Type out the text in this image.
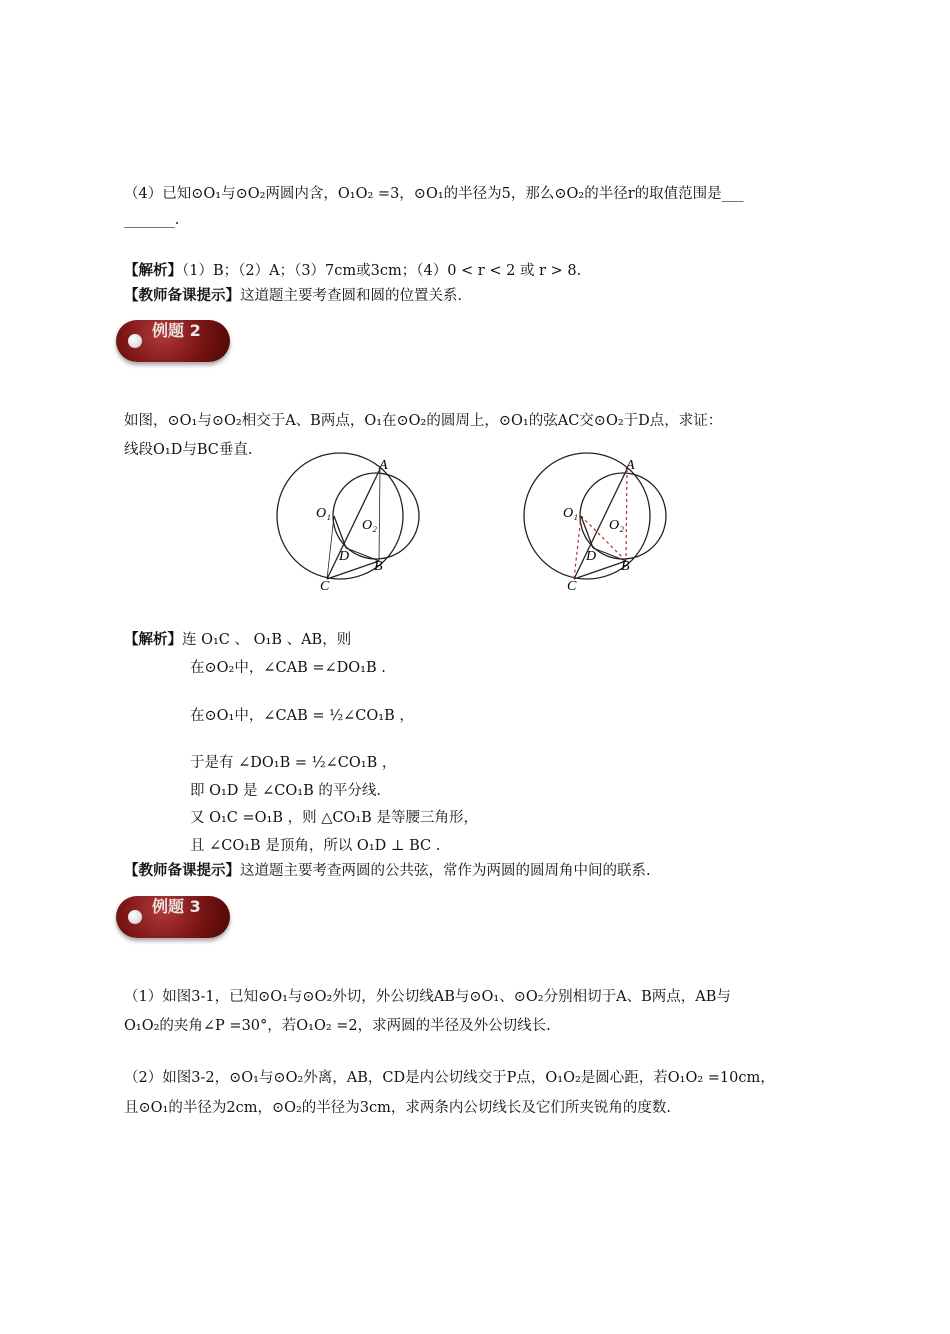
（4）已知⊙O₁与⊙O₂两圆内含，O₁O₂ =3，⊙O₁的半径为5，那么⊙O₂的半径r的取值范围是___
_______.
【解析】（1）B；（2）A；（3）7cm或3cm；（4）0 < r < 2 或 r > 8.
【教师备课提示】这道题主要考查圆和圆的位置关系.
例题 2
如图，⊙O₁与⊙O₂相交于A、B两点，O₁在⊙O₂的圆周上，⊙O₁的弦AC交⊙O₂于D点，求证：
线段O₁D与BC垂直.
A
O₁
O₂
D
B
C
A
O₁
O₂
D
B
C
【解析】连 O₁C 、 O₁B 、AB，则
在⊙O₂中，∠CAB =∠DO₁B .
在⊙O₁中，∠CAB = ½∠CO₁B ，
于是有 ∠DO₁B = ½∠CO₁B ，
即 O₁D 是 ∠CO₁B 的平分线.
又 O₁C =O₁B ，则 △CO₁B 是等腰三角形，
且 ∠CO₁B 是顶角，所以 O₁D ⊥ BC .
【教师备课提示】这道题主要考查两圆的公共弦，常作为两圆的圆周角中间的联系.
例题 3
（1）如图3-1，已知⊙O₁与⊙O₂外切，外公切线AB与⊙O₁、⊙O₂分别相切于A、B两点，AB与
O₁O₂的夹角∠P =30°，若O₁O₂ =2，求两圆的半径及外公切线长.
（2）如图3-2，⊙O₁与⊙O₂外离，AB，CD是内公切线交于P点，O₁O₂是圆心距，若O₁O₂ =10cm，
且⊙O₁的半径为2cm，⊙O₂的半径为3cm，求两条内公切线长及它们所夹锐角的度数.
